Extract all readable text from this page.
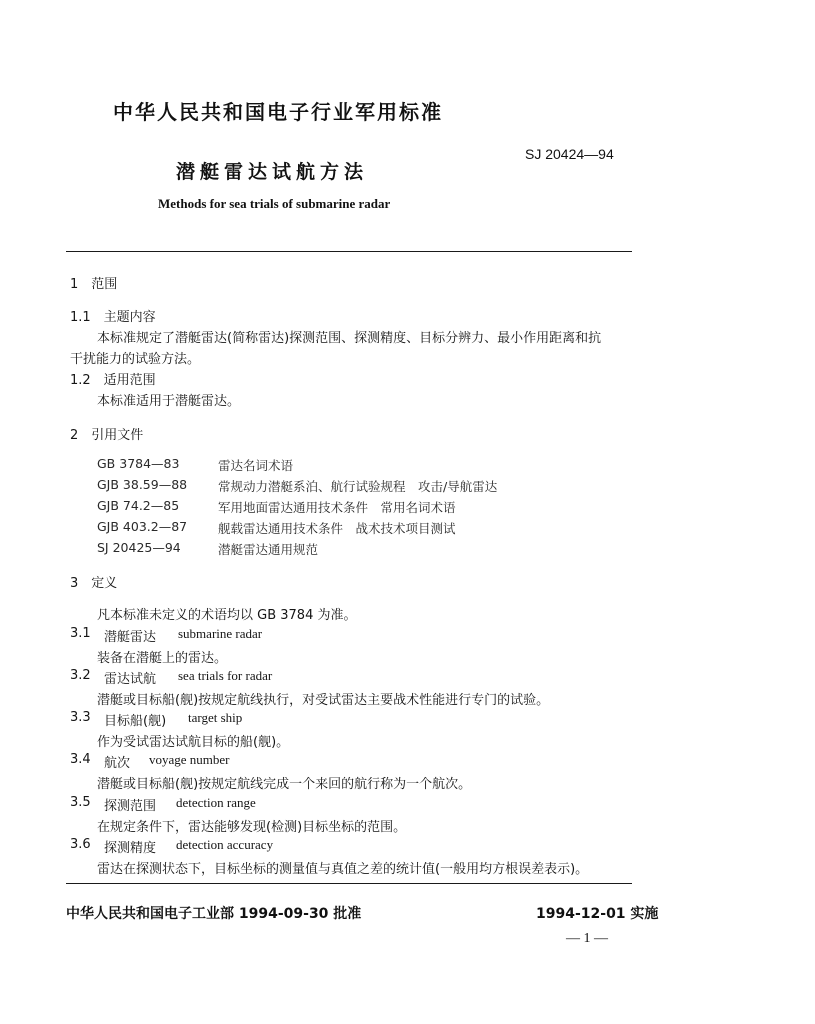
中华人民共和国电子行业军用标准
潜艇雷达试航方法
SJ 20424—94
Methods for sea trials of submarine radar
1　范围
1.1　主题内容
本标准规定了潜艇雷达(简称雷达)探测范围、探测精度、目标分辨力、最小作用距离和抗
干扰能力的试验方法。
1.2　适用范围
本标准适用于潜艇雷达。
2　引用文件
GB 3784—83	雷达名词术语
GJB 38.59—88 常规动力潜艇系泊、航行试验规程　攻击/导航雷达
GJB 74.2—85	军用地面雷达通用技术条件　常用名词术语
GJB 403.2—87 舰载雷达通用技术条件　战术技术项目测试
SJ 20425—94	潜艇雷达通用规范
3　定义
凡本标准未定义的术语均以 GB 3784 为准。
3.1 潜艇雷达 submarine radar
装备在潜艇上的雷达。
3.2 雷达试航 sea trials for radar
潜艇或目标船(舰)按规定航线执行，对受试雷达主要战术性能进行专门的试验。
3.3 目标船(舰) target ship
作为受试雷达试航目标的船(舰)。
3.4 航次 voyage number
潜艇或目标船(舰)按规定航线完成一个来回的航行称为一个航次。
3.5 探测范围 detection range
在规定条件下，雷达能够发现(检测)目标坐标的范围。
3.6 探测精度 detection accuracy
雷达在探测状态下，目标坐标的测量值与真值之差的统计值(一般用均方根误差表示)。
中华人民共和国电子工业部 1994-09-30 批准	1994-12-01 实施
— 1 —
